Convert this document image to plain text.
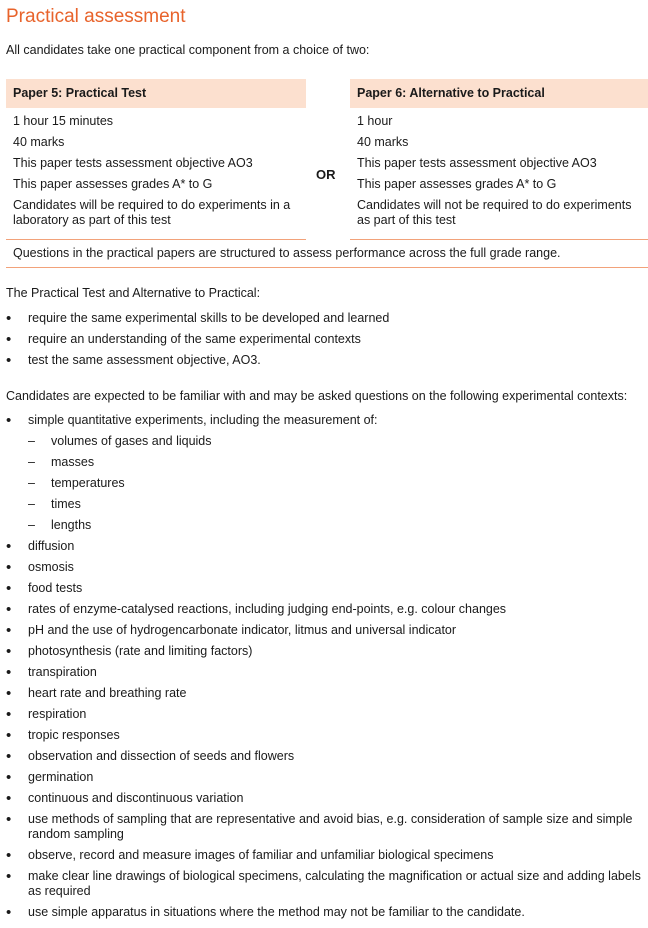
Practical assessment

All candidates take one practical component from a choice of two:

Paper 5: Practical Test
1 hour 15 minutes
40 marks
This paper tests assessment objective AO3
This paper assesses grades A* to G
Candidates will be required to do experiments in a laboratory as part of this test
OR
Paper 6: Alternative to Practical
1 hour
40 marks
This paper tests assessment objective AO3
This paper assesses grades A* to G
Candidates will not be required to do experiments as part of this test

Questions in the practical papers are structured to assess performance across the full grade range.

The Practical Test and Alternative to Practical:

• require the same experimental skills to be developed and learned
• require an understanding of the same experimental contexts
• test the same assessment objective, AO3.

Candidates are expected to be familiar with and may be asked questions on the following experimental contexts:

• simple quantitative experiments, including the measurement of:
– volumes of gases and liquids
– masses
– temperatures
– times
– lengths
• diffusion
• osmosis
• food tests
• rates of enzyme-catalysed reactions, including judging end-points, e.g. colour changes
• pH and the use of hydrogencarbonate indicator, litmus and universal indicator
• photosynthesis (rate and limiting factors)
• transpiration
• heart rate and breathing rate
• respiration
• tropic responses
• observation and dissection of seeds and flowers
• germination
• continuous and discontinuous variation
• use methods of sampling that are representative and avoid bias, e.g. consideration of sample size and simple random sampling
• observe, record and measure images of familiar and unfamiliar biological specimens
• make clear line drawings of biological specimens, calculating the magnification or actual size and adding labels as required
• use simple apparatus in situations where the method may not be familiar to the candidate.
